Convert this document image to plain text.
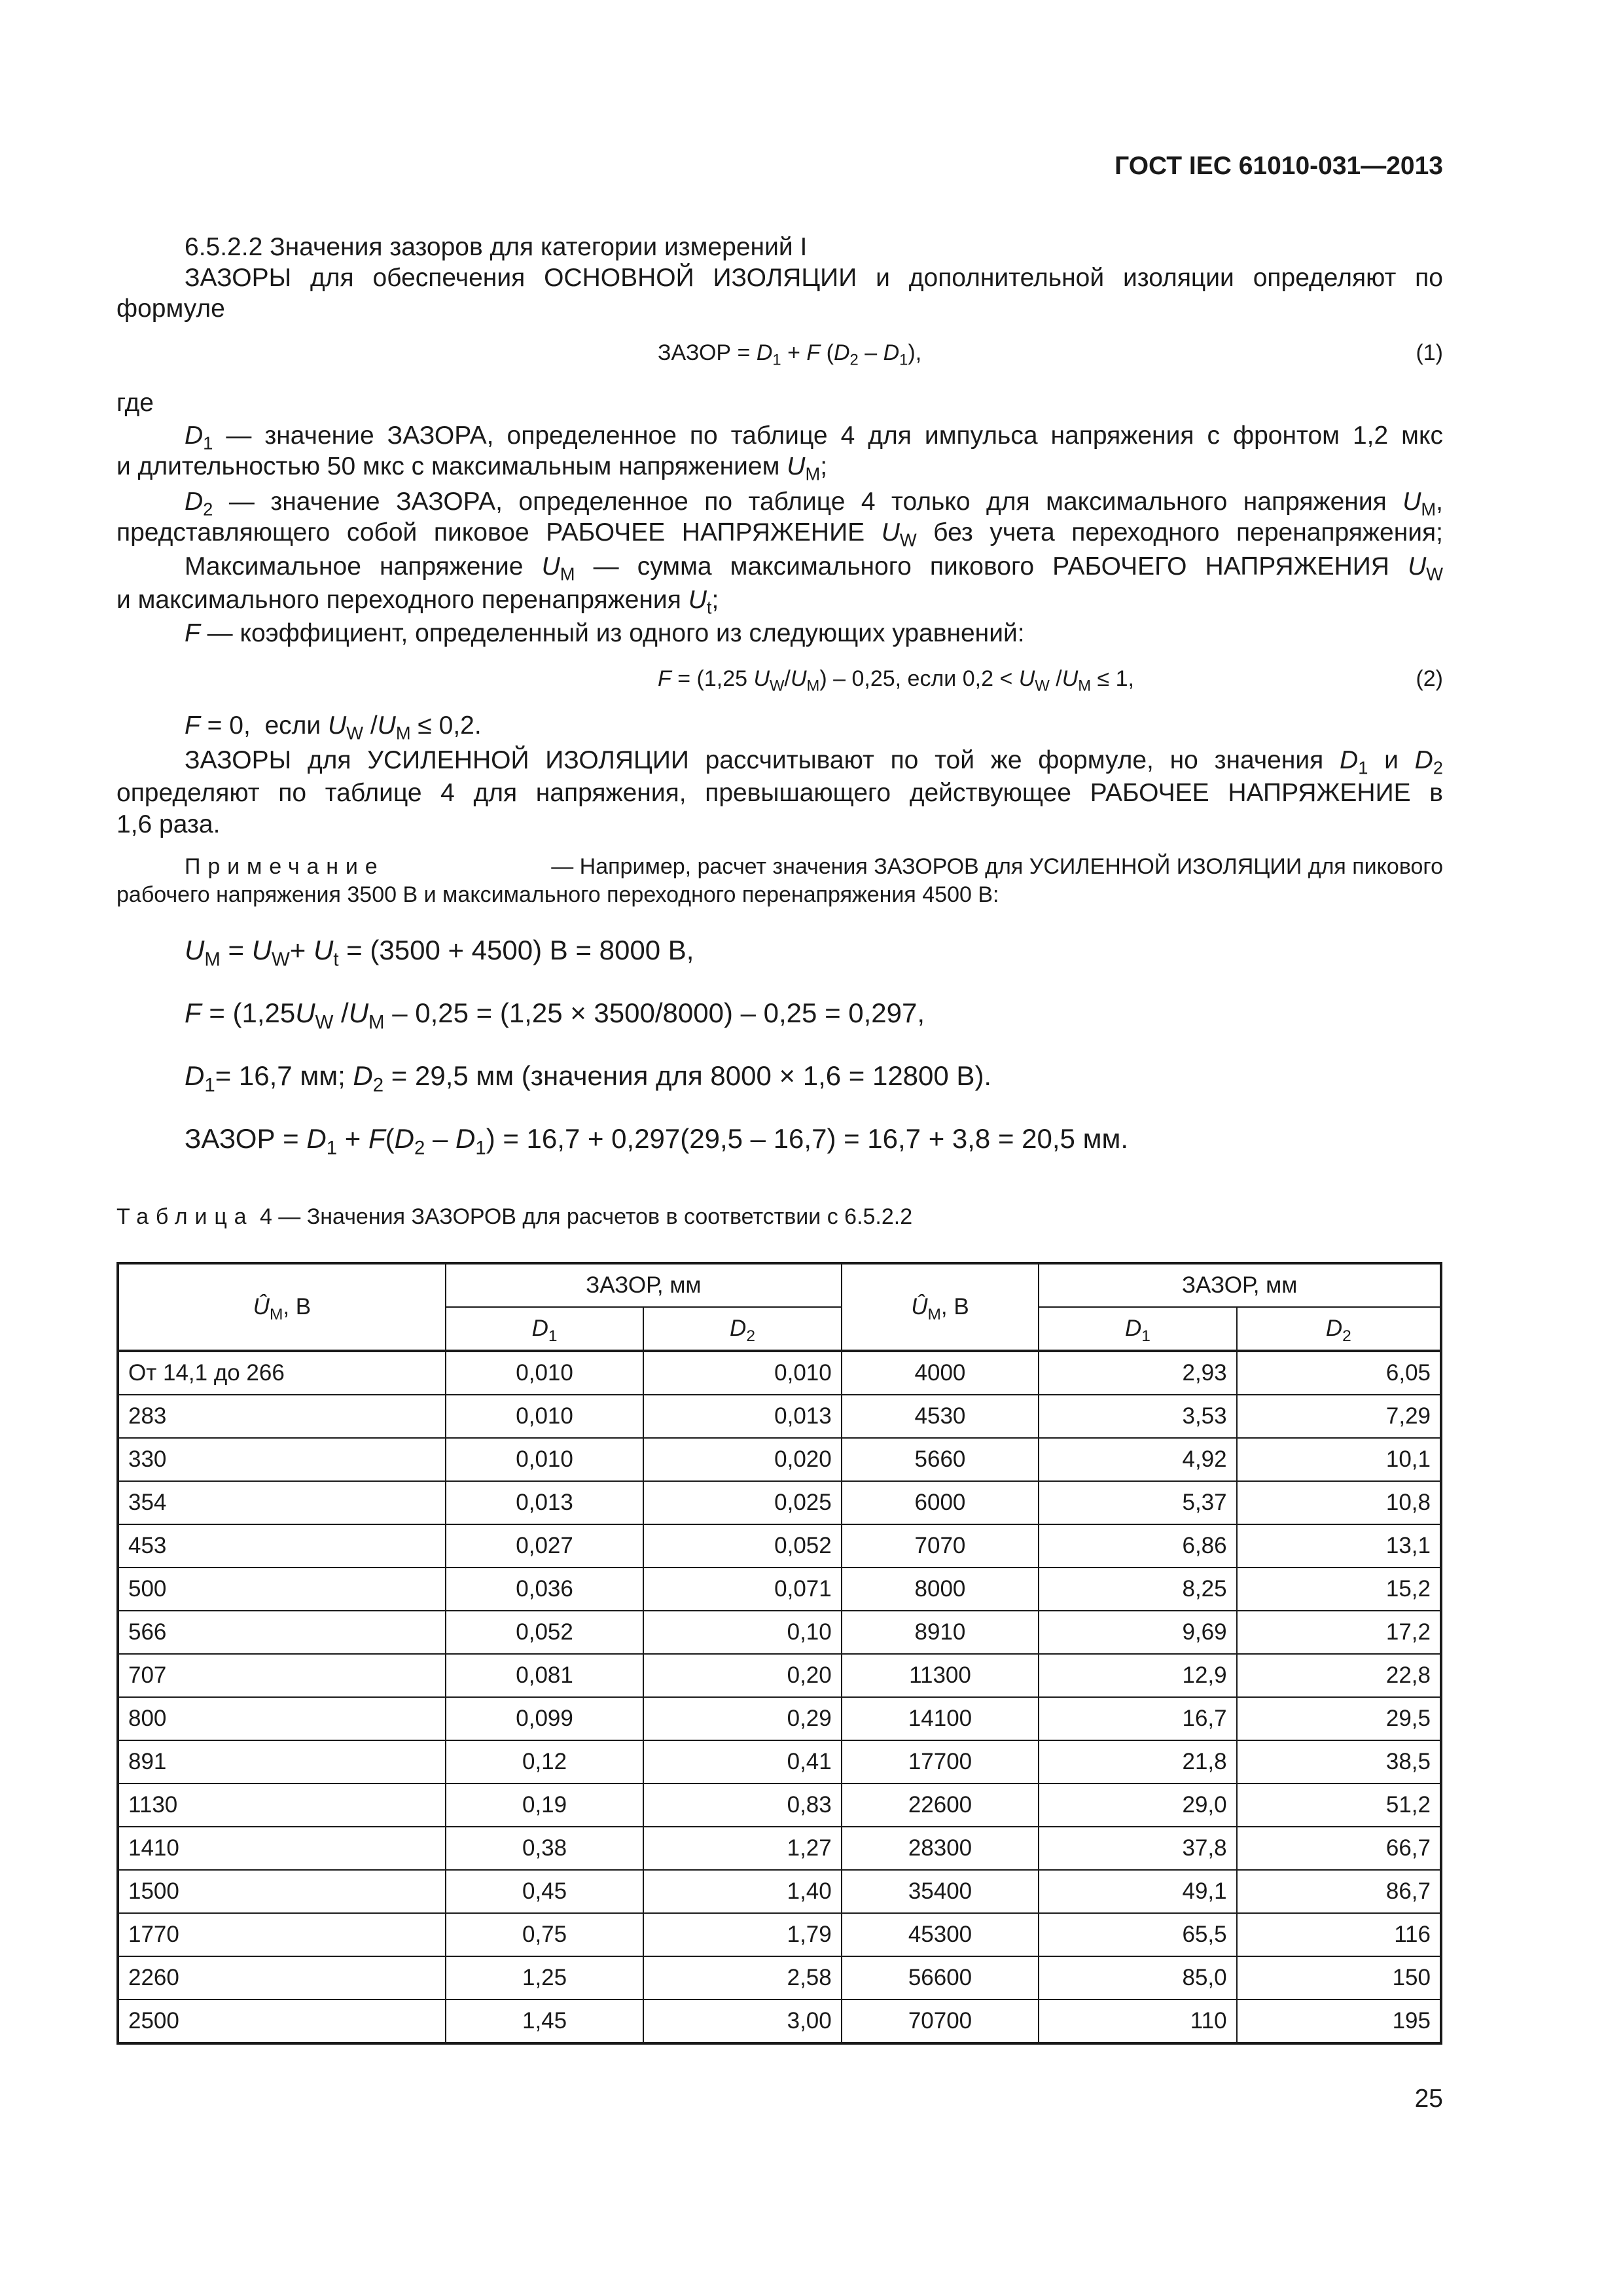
ГОСТ IEC 61010-031—2013
6.5.2.2 Значения зазоров для категории измерений I
ЗАЗОРЫ для обеспечения ОСНОВНОЙ ИЗОЛЯЦИИ и дополнительной изоляции определяют по
формуле
ЗАЗОР = $D_1 + F$ $(D_2 - D_1)$,	(1)
где
$D_1$ — значение ЗАЗОРА, определенное по таблице 4 для импульса напряжения с фронтом 1,2 мкс
и длительностью 50 мкс с максимальным напряжением $U_M$;
$D_2$ — значение ЗАЗОРА, определенное по таблице 4 только для максимального напряжения $U_M$,
представляющего собой пиковое РАБОЧЕЕ НАПРЯЖЕНИЕ $U_W$ без учета переходного перенапряжения;
Максимальное напряжение $U_M$ — сумма максимального пикового РАБОЧЕГО НАПРЯЖЕНИЯ $U_W$
и максимального переходного перенапряжения $U_t$;
F — коэффициент, определенный из одного из следующих уравнений:
F = (1,25 $U_W/U_M) - 0,25$, если $0,2 < U_W$ $/U_M \le 1$,	(2)
F = 0,  если $U_W$ $/U_M \le 0,2$.
ЗАЗОРЫ для УСИЛЕННОЙ ИЗОЛЯЦИИ рассчитывают по той же формуле, но значения $D_1$ и $D_2$
определяют по таблице 4 для напряжения, превышающего действующее РАБОЧЕЕ НАПРЯЖЕНИЕ в
1,6 раза.
Примечание	— Например, расчет значения ЗАЗОРОВ для УСИЛЕННОЙ ИЗОЛЯЦИИ для пикового
рабочего напряжения 3500 В и максимального переходного перенапряжения 4500 В:
$U_M = U_W+ U_t = (3500 + 4500) В = 8000$ В,
$F = (1,25U_W$ $/U_M - 0,25 = (1,25 \times 3500/8000) - 0,25 = 0,297$,
$D_1= 16,7$ мм; $D_2 = 29,5$ мм (значения для 8000 × 1,6 = 12800 В).
ЗАЗОР = $D_1 + F(D_2 - D_1) = 16,7 + 0,297(29,5 - 16,7) = 16,7 + 3,8 = 20,5$ мм.
Таблица 4 — Значения ЗАЗОРОВ для расчетов в соответствии с 6.5.2.2
$Û_M$, В	ЗАЗОР, мм		$Û_M$, В	ЗАЗОР, мм	
	$D_1$	$D_2$		$D_1$	$D_2$
От 14,1 до 266	0,010	0,010	4000	2,93	6,05
283	0,010	0,013	4530	3,53	7,29
330	0,010	0,020	5660	4,92	10,1
354	0,013	0,025	6000	5,37	10,8
453	0,027	0,052	7070	6,86	13,1
500	0,036	0,071	8000	8,25	15,2
566	0,052	0,10	8910	9,69	17,2
707	0,081	0,20	11300	12,9	22,8
800	0,099	0,29	14100	16,7	29,5
891	0,12	0,41	17700	21,8	38,5
1130	0,19	0,83	22600	29,0	51,2
1410	0,38	1,27	28300	37,8	66,7
1500	0,45	1,40	35400	49,1	86,7
1770	0,75	1,79	45300	65,5	116
2260	1,25	2,58	56600	85,0	150
2500	1,45	3,00	70700	110	195
25
